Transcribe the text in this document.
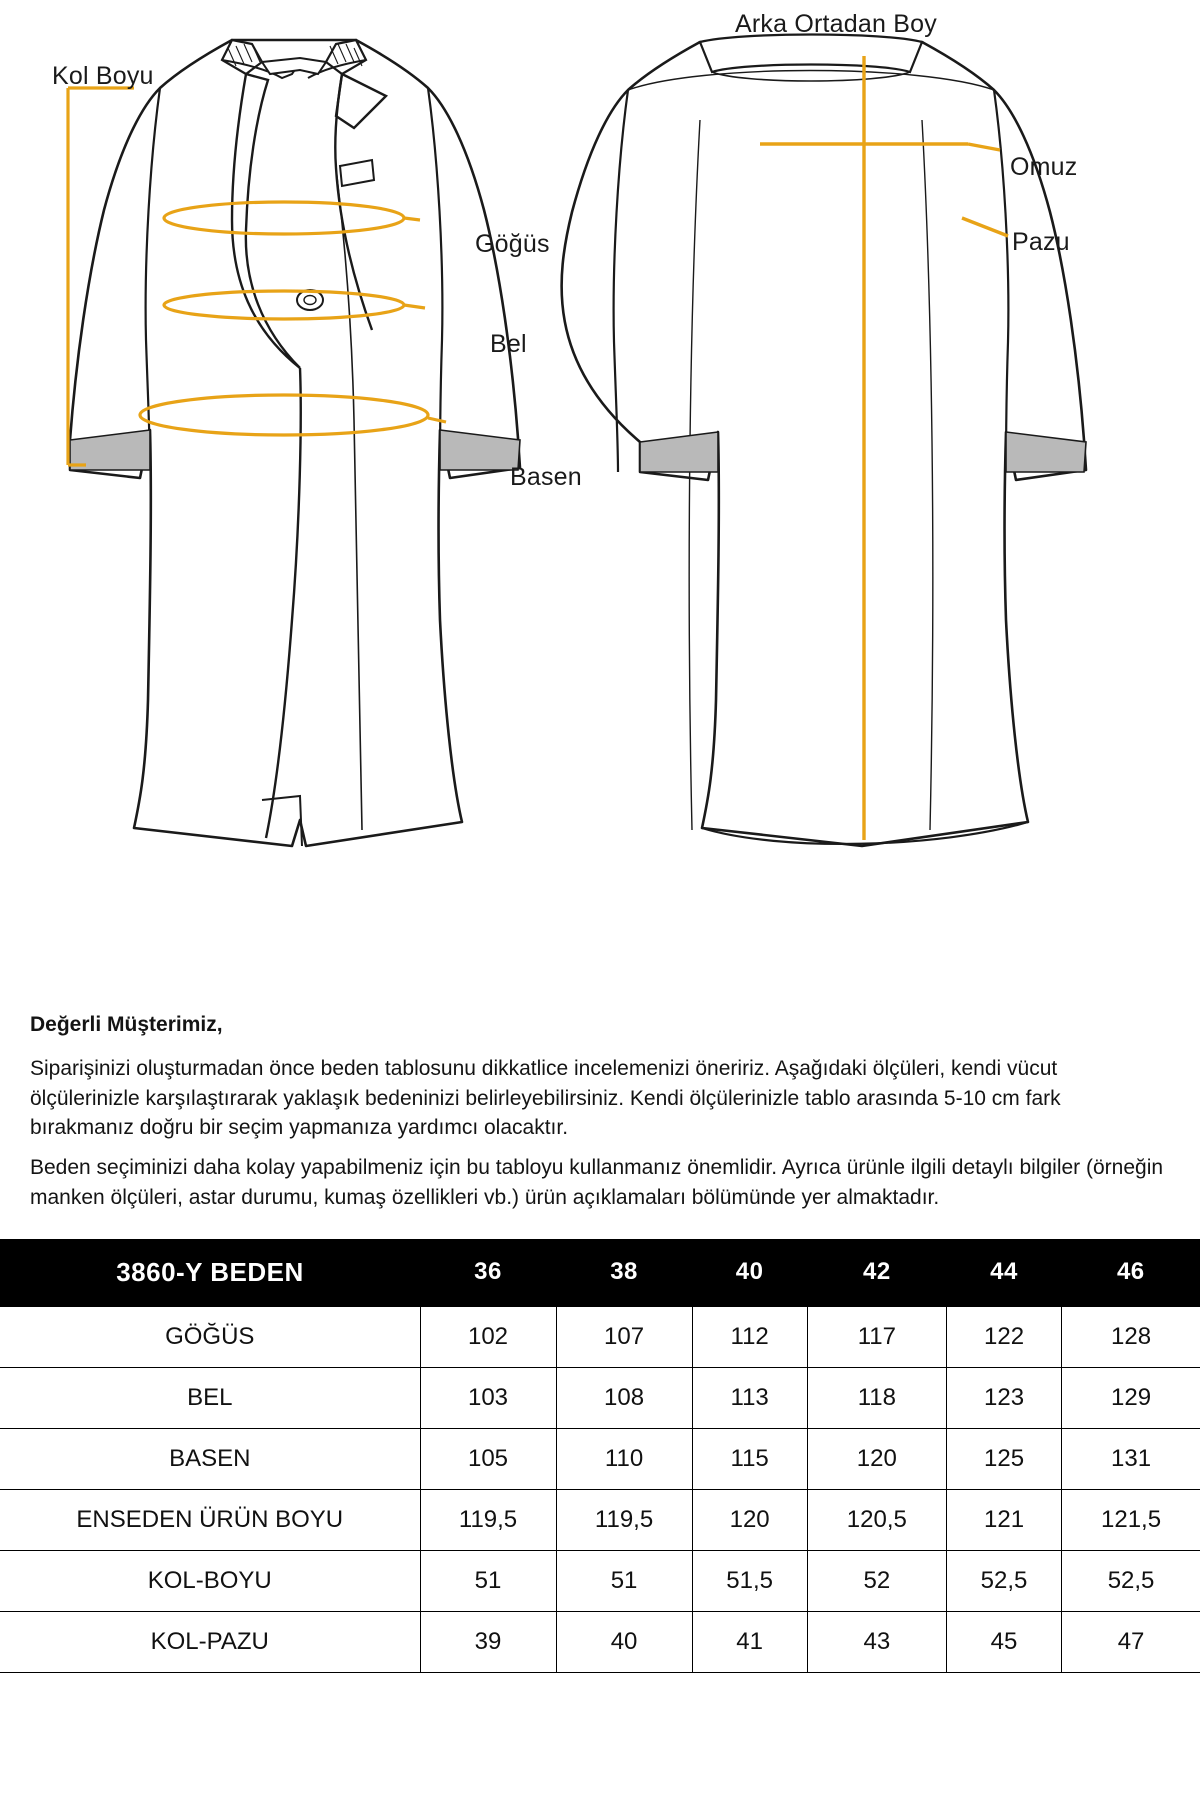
Kol Boyu
Arka Ortadan Boy
Göğüs
Bel
Basen
Omuz
Pazu
Değerli Müşterimiz,

Siparişinizi oluşturmadan önce beden tablosunu dikkatlice incelemenizi öneririz. Aşağıdaki ölçüleri, kendi vücut ölçülerinizle karşılaştırarak yaklaşık bedeninizi belirleyebilirsiniz. Kendi ölçülerinizle tablo arasında 5-10 cm fark bırakmanız doğru bir seçim yapmanıza yardımcı olacaktır.

Beden seçiminizi daha kolay yapabilmeniz için bu tabloyu kullanmanız önemlidir. Ayrıca ürünle ilgili detaylı bilgiler (örneğin manken ölçüleri, astar durumu, kumaş özellikleri vb.) ürün açıklamaları bölümünde yer almaktadır.

3860-Y BEDEN	36	38	40	42	44	46
GÖĞÜS	102	107	112	117	122	128
BEL	103	108	113	118	123	129
BASEN	105	110	115	120	125	131
ENSEDEN ÜRÜN BOYU	119,5	119,5	120	120,5	121	121,5
KOL-BOYU	51	51	51,5	52	52,5	52,5
KOL-PAZU	39	40	41	43	45	47
